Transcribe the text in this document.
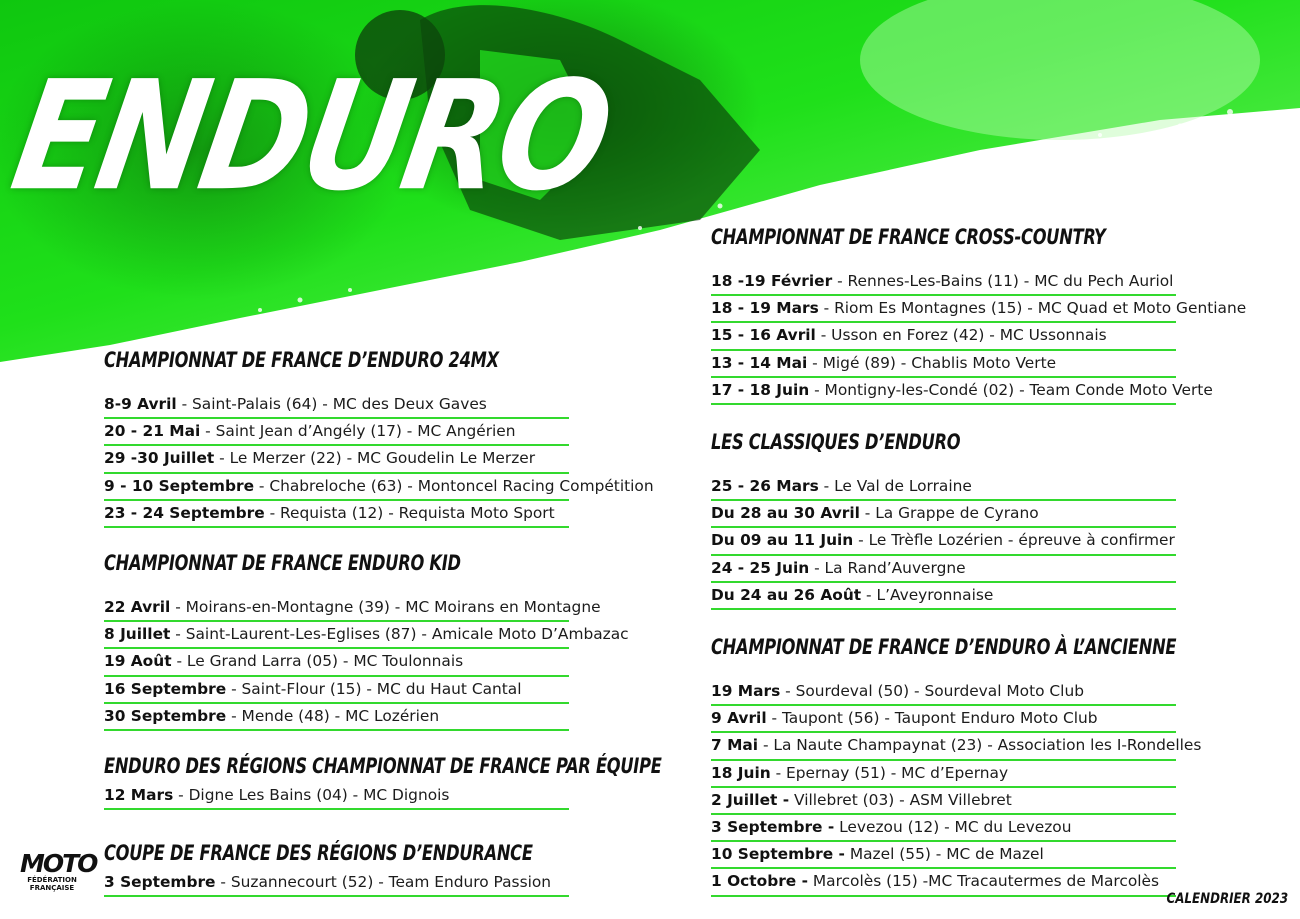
ENDURO
CHAMPIONNAT DE FRANCE D’ENDURO 24MX
8-9 Avril - Saint-Palais (64) - MC des Deux Gaves
20 - 21 Mai - Saint Jean d’Angély (17) - MC Angérien
29 -30 Juillet - Le Merzer (22) - MC Goudelin Le Merzer
9 - 10 Septembre - Chabreloche (63) - Montoncel Racing Compétition
23 - 24 Septembre - Requista (12) - Requista Moto Sport
CHAMPIONNAT DE FRANCE ENDURO KID
22 Avril - Moirans-en-Montagne (39) - MC Moirans en Montagne
8 Juillet - Saint-Laurent-Les-Eglises (87) - Amicale Moto D’Ambazac
19 Août - Le Grand Larra (05) - MC Toulonnais
16 Septembre - Saint-Flour (15) - MC du Haut Cantal
30 Septembre - Mende (48) - MC Lozérien
ENDURO DES RÉGIONS CHAMPIONNAT DE FRANCE PAR ÉQUIPE
12 Mars - Digne Les Bains (04) - MC Dignois
COUPE DE FRANCE DES RÉGIONS D’ENDURANCE
3 Septembre - Suzannecourt (52) - Team Enduro Passion
CHAMPIONNAT DE FRANCE CROSS-COUNTRY
18 -19 Février - Rennes-Les-Bains (11) - MC du Pech Auriol
18 - 19 Mars - Riom Es Montagnes (15) - MC Quad et Moto Gentiane
15 - 16 Avril - Usson en Forez (42) - MC Ussonnais
13 - 14 Mai - Migé (89) - Chablis Moto Verte
17 - 18 Juin - Montigny-les-Condé (02) - Team Conde Moto Verte
LES CLASSIQUES D’ENDURO
25 - 26 Mars - Le Val de Lorraine
Du 28 au 30 Avril - La Grappe de Cyrano
Du 09 au 11 Juin - Le Trèfle Lozérien - épreuve à confirmer
24 - 25 Juin - La Rand’Auvergne
Du 24 au 26 Août - L’Aveyronnaise
CHAMPIONNAT DE FRANCE D’ENDURO À L’ANCIENNE
19 Mars - Sourdeval (50) - Sourdeval Moto Club
9 Avril - Taupont (56) - Taupont Enduro Moto Club
7 Mai - La Naute Champaynat (23) - Association les I-Rondelles
18 Juin - Epernay (51) - MC d’Epernay
2 Juillet - Villebret (03) - ASM Villebret
3 Septembre - Levezou (12) - MC du Levezou
10 Septembre - Mazel (55) - MC de Mazel
1 Octobre - Marcolès (15) -MC Tracautermes de Marcolès
MOTO
FÉDÉRATION FRANÇAISE
CALENDRIER 2023
